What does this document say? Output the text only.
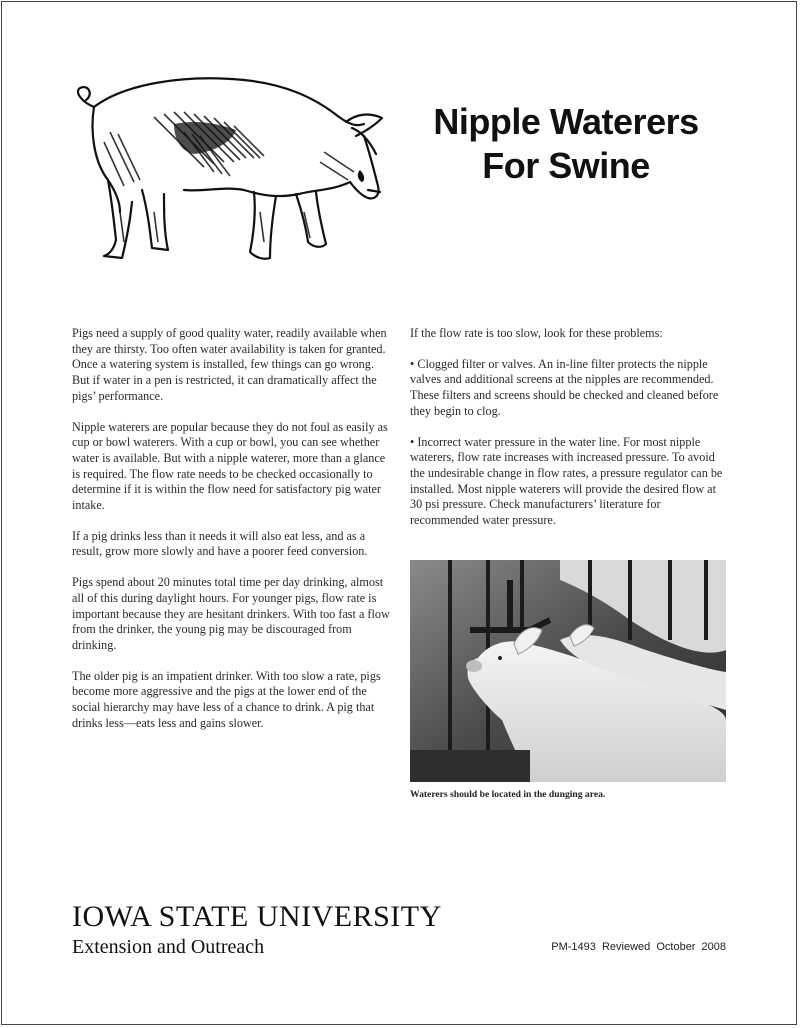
Nipple Waterers
For Swine

Pigs need a supply of good quality water, readily available when they are thirsty. Too often water availability is taken for granted. Once a watering system is installed, few things can go wrong. But if water in a pen is restricted, it can dramatically affect the pigs’ performance.

Nipple waterers are popular because they do not foul as easily as cup or bowl waterers. With a cup or bowl, you can see whether water is available. But with a nipple waterer, more than a glance is required. The flow rate needs to be checked occasionally to determine if it is within the flow need for satisfactory pig water intake.

If a pig drinks less than it needs it will also eat less, and as a result, grow more slowly and have a poorer feed conversion.

Pigs spend about 20 minutes total time per day drinking, almost all of this during daylight hours. For younger pigs, flow rate is important because they are hesitant drinkers. With too fast a flow from the drinker, the young pig may be discouraged from drinking.

The older pig is an impatient drinker. With too slow a rate, pigs become more aggressive and the pigs at the lower end of the social hierarchy may have less of a chance to drink. A pig that drinks less—eats less and gains slower.

If the flow rate is too slow, look for these problems:

• Clogged filter or valves. An in-line filter protects the nipple valves and additional screens at the nipples are recommended. These filters and screens should be checked and cleaned before they begin to clog.

• Incorrect water pressure in the water line. For most nipple waterers, flow rate increases with increased pressure. To avoid the undesirable change in flow rates, a pressure regulator can be installed. Most nipple waterers will provide the desired flow at 30 psi pressure. Check manufacturers’ literature for recommended water pressure.

Waterers should be located in the dunging area.
IOWA STATE UNIVERSITY
Extension and Outreach	PM-1493 Reviewed October 2008
